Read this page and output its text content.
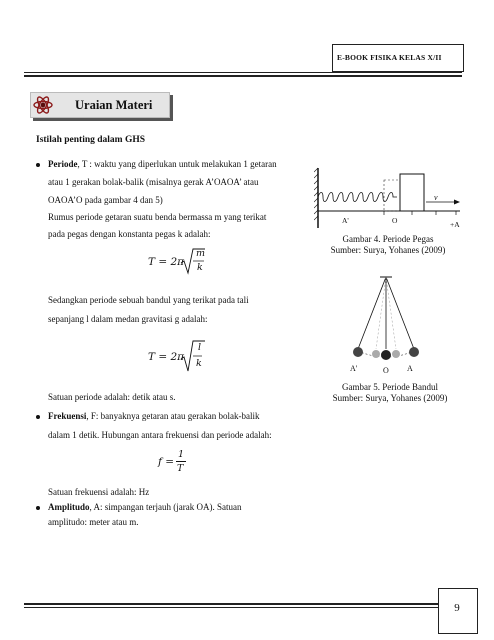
E-BOOK FISIKA KELAS X/II
Uraian Materi
Istilah penting dalam GHS
Periode, T : waktu yang diperlukan untuk melakukan 1 getaran
atau 1 gerakan bolak-balik (misalnya gerak A’OAOA’ atau
OAOA’O pada gambar 4 dan 5)
Rumus periode getaran suatu benda bermassa m yang terikat
pada pegas dengan konstanta pegas k adalah:
T = 2π
m
k
Sedangkan periode sebuah bandul yang terikat pada tali
sepanjang l dalam medan gravitasi g adalah:
T = 2π
l
k
Satuan periode adalah: detik atau s.
Frekuensi, F: banyaknya getaran atau gerakan bolak-balik
dalam 1 detik. Hubungan antara frekuensi dan periode adalah:
f =
1
T
Satuan frekuensi adalah: Hz
Amplitudo, A: simpangan terjauh (jarak OA). Satuan
amplitudo: meter atau m.
A'	O	+A
v
Gambar 4. Periode Pegas
Sumber: Surya, Yohanes (2009)
A'	O A
Gambar 5. Periode Bandul
Sumber: Surya, Yohanes (2009)
9
